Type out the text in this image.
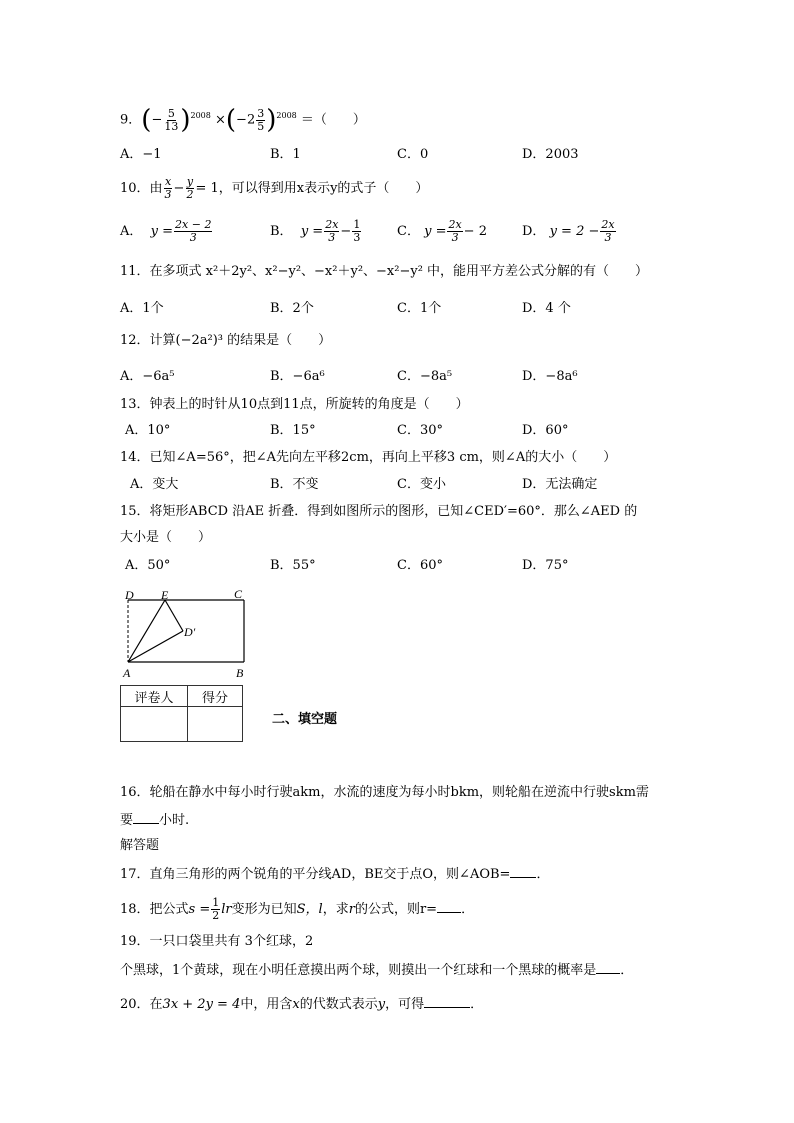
9．(− $\frac{5}{13} )^{2008} \times(-2 \frac{3}{5} )^{2008}$ ＝（　　）
A．−1	B．1	C．0	D．2003
10．由 $\frac{x}{3} - \frac{y}{2} = 1$，可以得到用x表示y的式子（　　）
A． $y = \frac{2x - 2}{3}$	B． $y = \frac{2x}{3} - \frac{1}{3}$	C． $y = \frac{2x}{3} - 2$	D． $y = 2 - \frac{2x}{3}$
11．在多项式 x²＋2y²、x²−y²、−x²＋y²、−x²−y² 中，能用平方差公式分解的有（　　）
A．1个	B．2个	C．1个	D．4 个
12．计算(−2a²)³ 的结果是（　　）
A．−6a⁵	B．−6a⁶	C．−8a⁵	D．−8a⁶
13．钟表上的时针从10点到11点，所旋转的角度是（　　）
A．10°	B．15°	C．30°	D．60°
14．已知∠A=56°，把∠A先向左平移2cm，再向上平移3 cm，则∠A的大小（　　）
A．变大	B．不变	C．变小	D．无法确定
15．将矩形ABCD 沿AE 折叠．得到如图所示的图形，已知∠CED′=60°．那么∠AED 的
大小是（　　）
A．50°	B．55°	C．60°	D．75°
D E	C
D′
A	B
评卷人	得分

二、填空题
16．轮船在静水中每小时行驶akm，水流的速度为每小时bkm，则轮船在逆流中行驶skm需
要 小时.
解答题
17．直角三角形的两个锐角的平分线AD，BE交于点O，则∠AOB= ．
18．把公式$s = \frac{1}{2}$ lr变形为已知S，l，求r的公式，则r= ．
19．一只口袋里共有 3个红球，2
个黑球，1个黄球，现在小明任意摸出两个球，则摸出一个红球和一个黑球的概率是 ．
20．在3x + 2y = 4中，用含x的代数式表示y，可得	．
